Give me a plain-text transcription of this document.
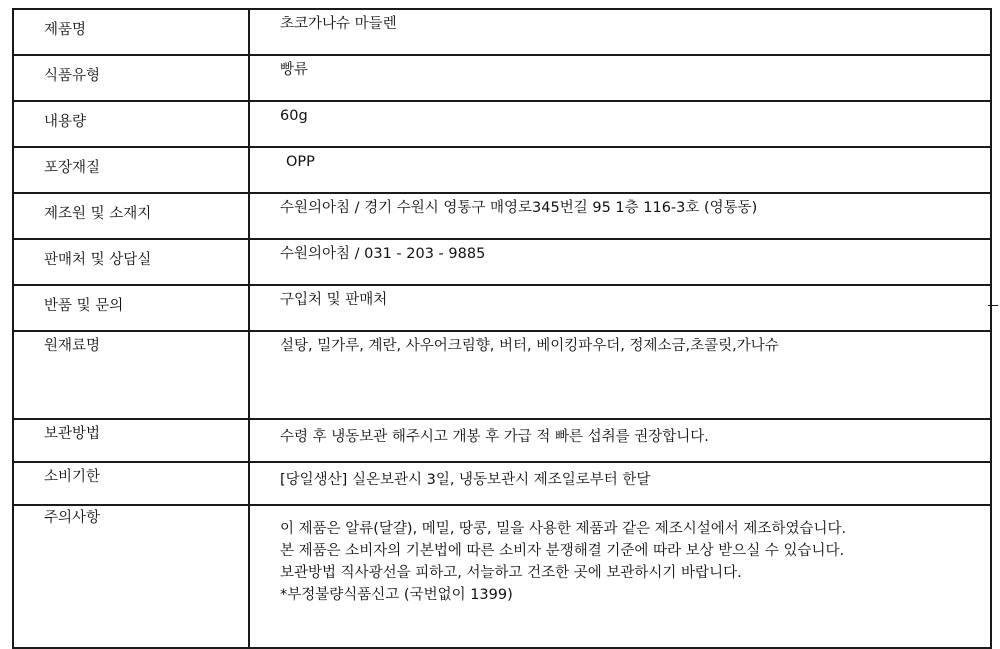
제품명	초코가나슈 마들렌
식품유형	빵류
내용량	60g
포장재질	OPP
제조원 및 소재지	수원의아침 / 경기 수원시 영통구 매영로345번길 95 1층 116-3호 (영통동)
판매처 및 상담실	수원의아침 / 031 - 203 - 9885
반품 및 문의	구입처 및 판매처
원재료명	설탕, 밀가루, 계란, 사우어크림향, 버터, 베이킹파우더, 정제소금,초콜릿,가나슈
보관방법	수령 후 냉동보관 해주시고 개봉 후 가급 적 빠른 섭취를 권장합니다.
소비기한	[당일생산] 실온보관시 3일, 냉동보관시 제조일로부터 한달
주의사항	이 제품은 알류(달걀), 메밀, 땅콩, 밀을 사용한 제품과 같은 제조시설에서 제조하였습니다.
본 제품은 소비자의 기본법에 따른 소비자 분쟁해결 기준에 따라 보상 받으실 수 있습니다.
보관방법 직사광선을 피하고, 서늘하고 건조한 곳에 보관하시기 바랍니다.
*부정불량식품신고 (국번없이 1399)
